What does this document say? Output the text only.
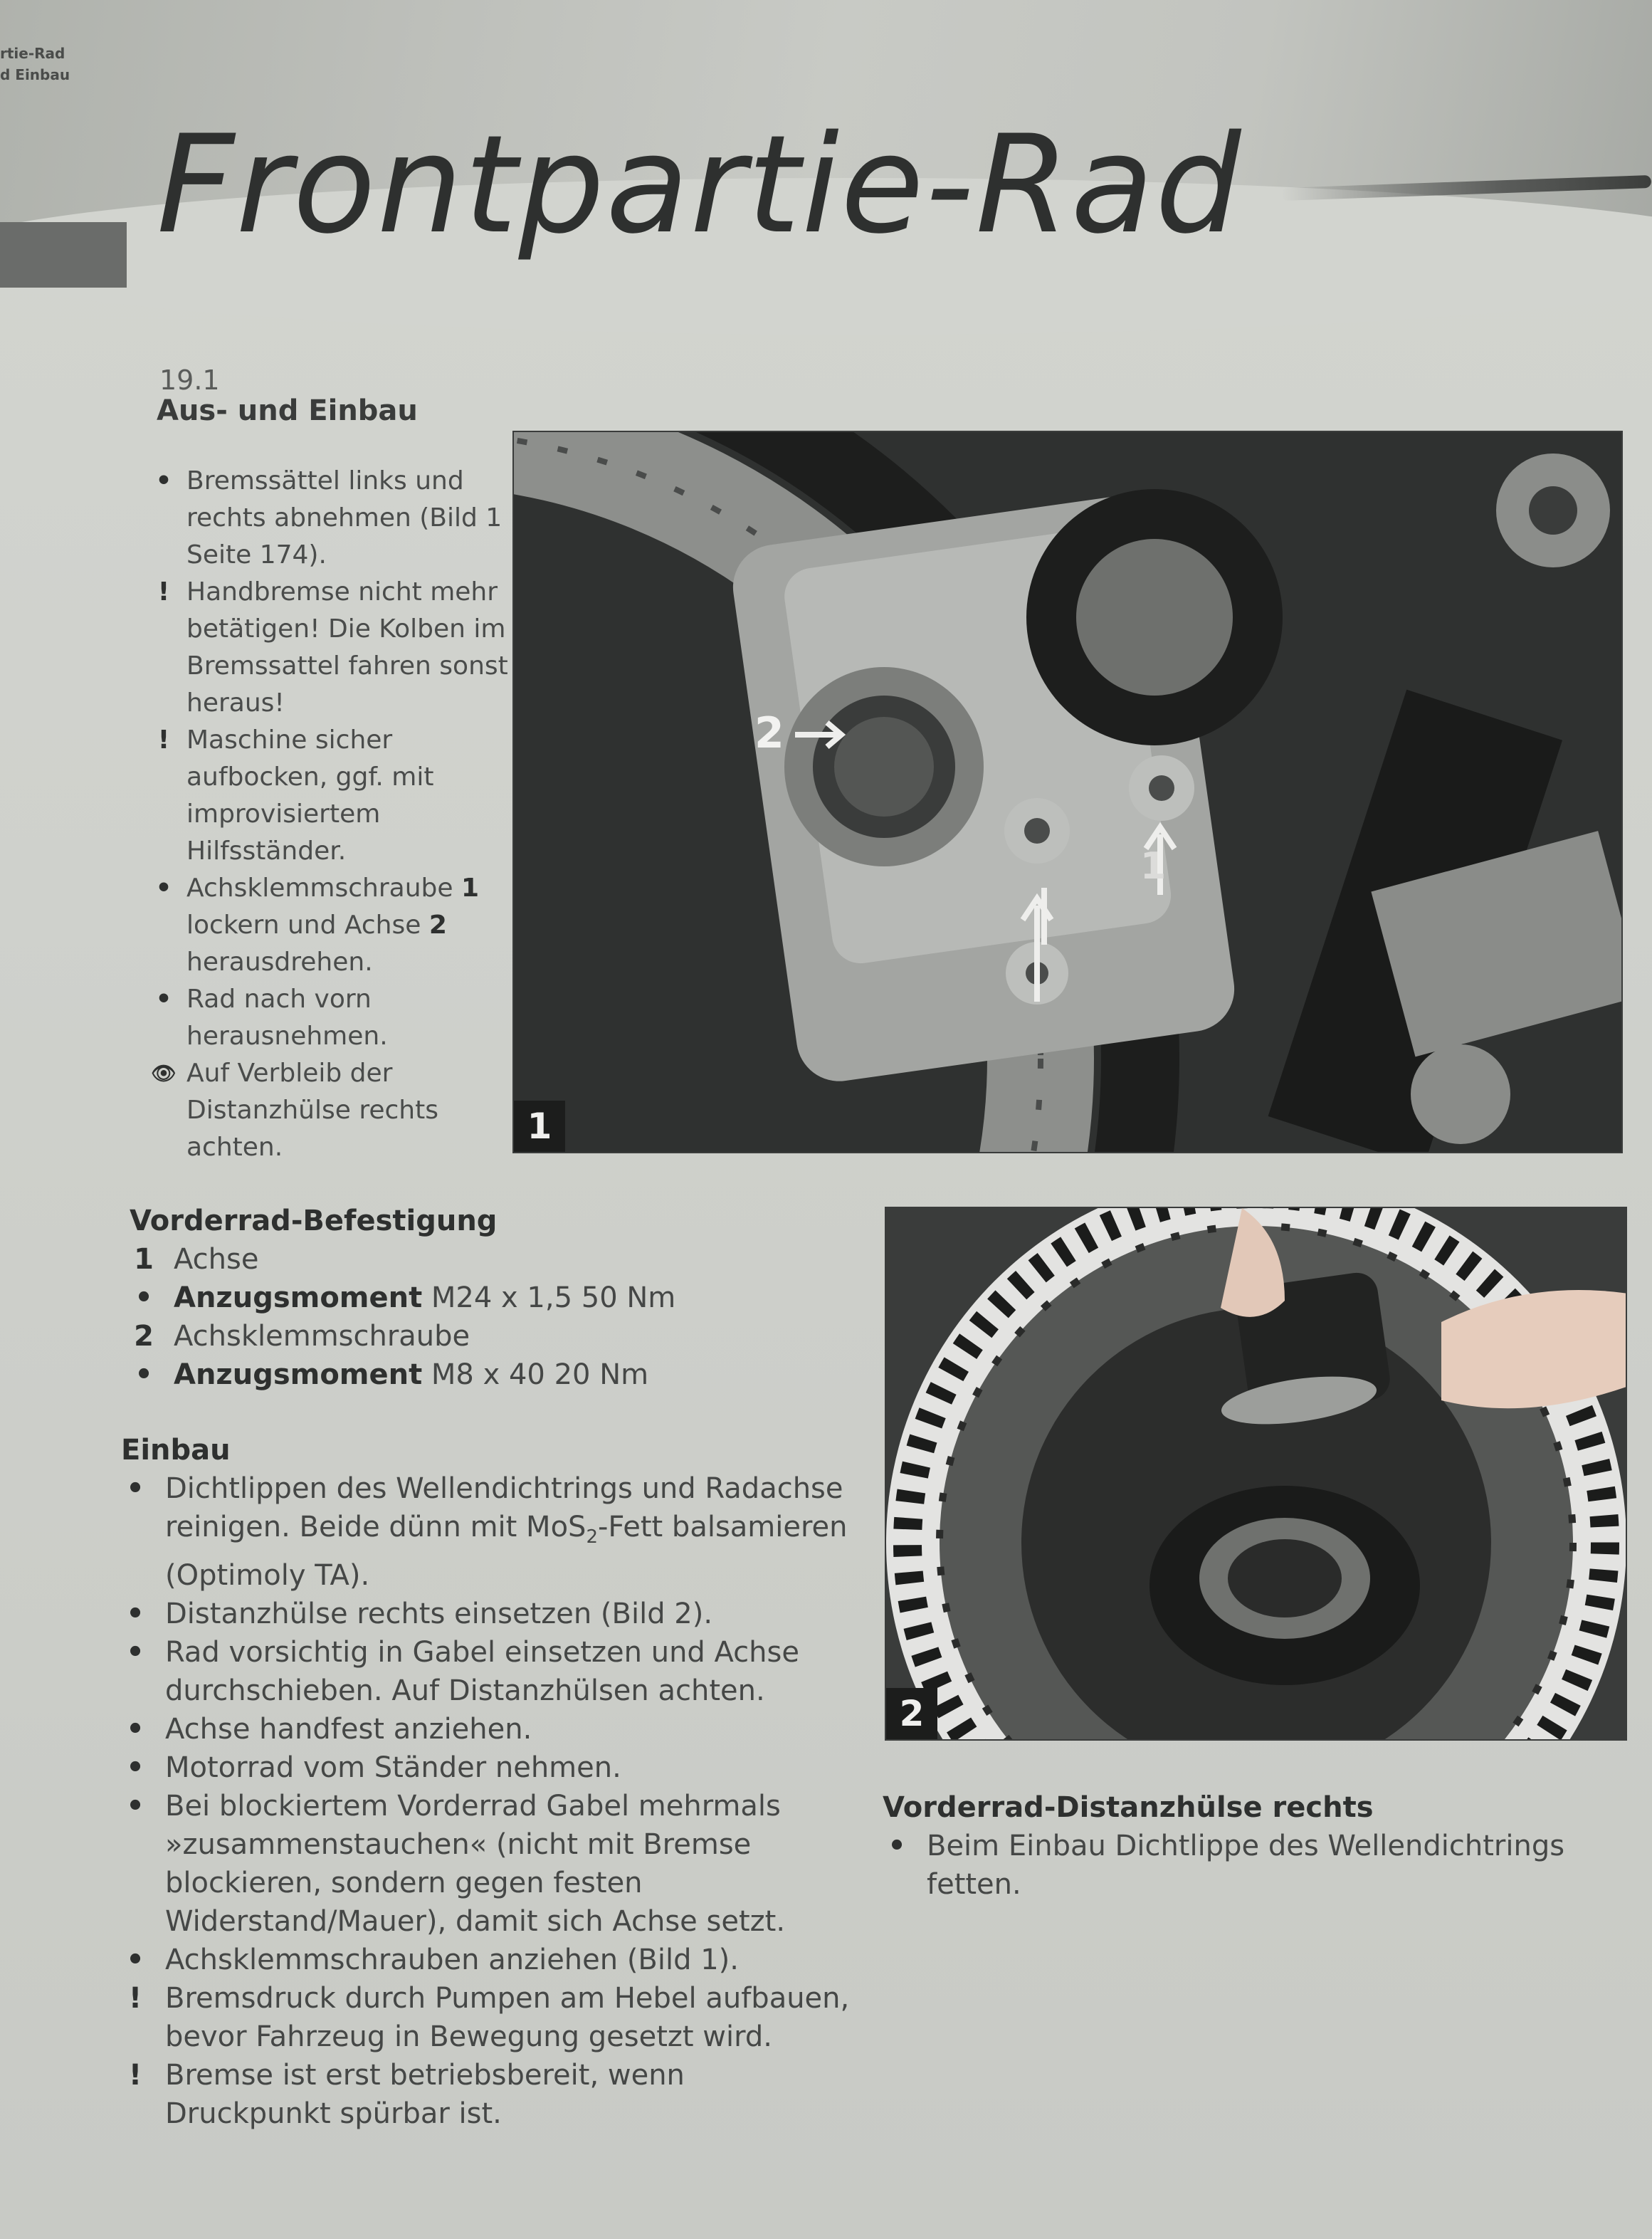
rtie-Rad
d Einbau
Frontpartie-Rad
19.1
Aus- und Einbau
• Bremssättel links und rechts abnehmen (Bild 1 Seite 174).
! Handbremse nicht mehr betätigen! Die Kolben im Bremssattel fahren sonst heraus!
! Maschine sicher aufbocken, ggf. mit improvisiertem Hilfsständer.
• Achsklemmschraube 1 lockern und Achse 2 herausdrehen.
• Rad nach vorn herausnehmen.
👁 Auf Verbleib der Distanzhülse rechts achten.
2
1
1
2
Vorderrad-Befestigung
1 Achse
• Anzugsmoment M24 x 1,5 50 Nm
2 Achsklemmschraube
• Anzugsmoment M8 x 40 20 Nm
Einbau
• Dichtlippen des Wellendichtrings und Radachse reinigen. Beide dünn mit MoS$_2$-Fett balsamieren (Optimoly TA).
• Distanzhülse rechts einsetzen (Bild 2).
• Rad vorsichtig in Gabel einsetzen und Achse durchschieben. Auf Distanzhülsen achten.
• Achse handfest anziehen.
• Motorrad vom Ständer nehmen.
• Bei blockiertem Vorderrad Gabel mehrmals »zusammenstauchen« (nicht mit Bremse blockieren, sondern gegen festen Widerstand/Mauer), damit sich Achse setzt.
• Achsklemmschrauben anziehen (Bild 1).
! Bremsdruck durch Pumpen am Hebel aufbauen, bevor Fahrzeug in Bewegung gesetzt wird.
! Bremse ist erst betriebsbereit, wenn Druckpunkt spürbar ist.
Vorderrad-Distanzhülse rechts
• Beim Einbau Dichtlippe des Wellendichtrings fetten.
